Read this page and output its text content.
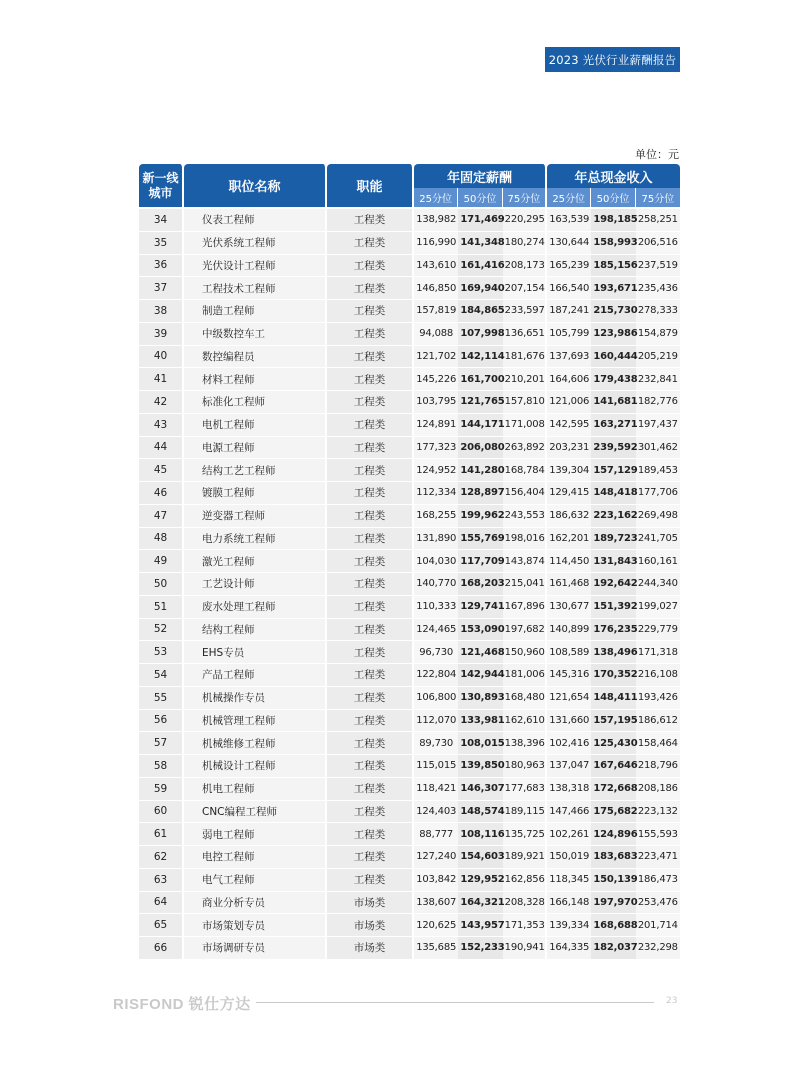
2023 光伏行业薪酬报告
单位：元
新一线城市	职位名称	职能	年固定薪酬			年总现金收入		
			25分位	50分位	75分位	25分位	50分位	75分位
34	仪表工程师	工程类	138,982	171,469	220,295	163,539	198,185	258,251
35	光伏系统工程师	工程类	116,990	141,348	180,274	130,644	158,993	206,516
36	光伏设计工程师	工程类	143,610	161,416	208,173	165,239	185,156	237,519
37	工程技术工程师	工程类	146,850	169,940	207,154	166,540	193,671	235,436
38	制造工程师	工程类	157,819	184,865	233,597	187,241	215,730	278,333
39	中级数控车工	工程类	94,088	107,998	136,651	105,799	123,986	154,879
40	数控编程员	工程类	121,702	142,114	181,676	137,693	160,444	205,219
41	材料工程师	工程类	145,226	161,700	210,201	164,606	179,438	232,841
42	标准化工程师	工程类	103,795	121,765	157,810	121,006	141,681	182,776
43	电机工程师	工程类	124,891	144,171	171,008	142,595	163,271	197,437
44	电源工程师	工程类	177,323	206,080	263,892	203,231	239,592	301,462
45	结构工艺工程师	工程类	124,952	141,280	168,784	139,304	157,129	189,453
46	镀膜工程师	工程类	112,334	128,897	156,404	129,415	148,418	177,706
47	逆变器工程师	工程类	168,255	199,962	243,553	186,632	223,162	269,498
48	电力系统工程师	工程类	131,890	155,769	198,016	162,201	189,723	241,705
49	激光工程师	工程类	104,030	117,709	143,874	114,450	131,843	160,161
50	工艺设计师	工程类	140,770	168,203	215,041	161,468	192,642	244,340
51	废水处理工程师	工程类	110,333	129,741	167,896	130,677	151,392	199,027
52	结构工程师	工程类	124,465	153,090	197,682	140,899	176,235	229,779
53	EHS专员	工程类	96,730	121,468	150,960	108,589	138,496	171,318
54	产品工程师	工程类	122,804	142,944	181,006	145,316	170,352	216,108
55	机械操作专员	工程类	106,800	130,893	168,480	121,654	148,411	193,426
56	机械管理工程师	工程类	112,070	133,981	162,610	131,660	157,195	186,612
57	机械维修工程师	工程类	89,730	108,015	138,396	102,416	125,430	158,464
58	机械设计工程师	工程类	115,015	139,850	180,963	137,047	167,646	218,796
59	机电工程师	工程类	118,421	146,307	177,683	138,318	172,668	208,186
60	CNC编程工程师	工程类	124,403	148,574	189,115	147,466	175,682	223,132
61	弱电工程师	工程类	88,777	108,116	135,725	102,261	124,896	155,593
62	电控工程师	工程类	127,240	154,603	189,921	150,019	183,683	223,471
63	电气工程师	工程类	103,842	129,952	162,856	118,345	150,139	186,473
64	商业分析专员	市场类	138,607	164,321	208,328	166,148	197,970	253,476
65	市场策划专员	市场类	120,625	143,957	171,353	139,334	168,688	201,714
66	市场调研专员	市场类	135,685	152,233	190,941	164,335	182,037	232,298
RISFOND 锐仕方达	23
